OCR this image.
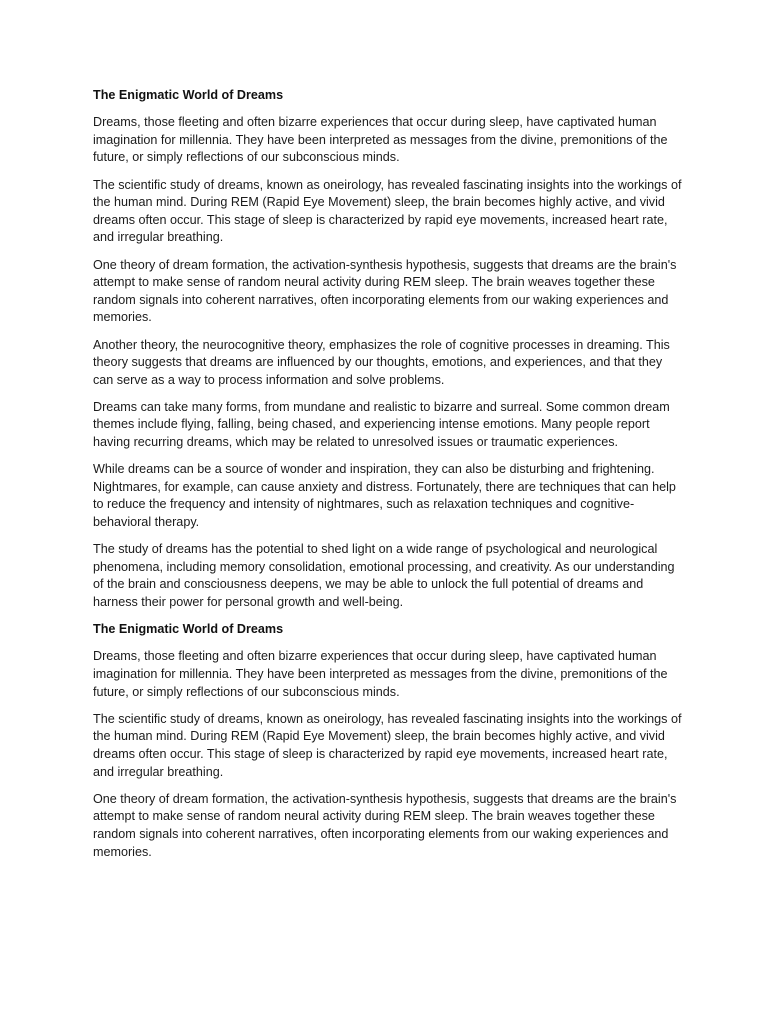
The Enigmatic World of Dreams

Dreams, those fleeting and often bizarre experiences that occur during sleep, have captivated human imagination for millennia. They have been interpreted as messages from the divine, premonitions of the future, or simply reflections of our subconscious minds.

The scientific study of dreams, known as oneirology, has revealed fascinating insights into the workings of the human mind. During REM (Rapid Eye Movement) sleep, the brain becomes highly active, and vivid dreams often occur. This stage of sleep is characterized by rapid eye movements, increased heart rate, and irregular breathing.

One theory of dream formation, the activation-synthesis hypothesis, suggests that dreams are the brain's attempt to make sense of random neural activity during REM sleep. The brain weaves together these random signals into coherent narratives, often incorporating elements from our waking experiences and memories.

Another theory, the neurocognitive theory, emphasizes the role of cognitive processes in dreaming. This theory suggests that dreams are influenced by our thoughts, emotions, and experiences, and that they can serve as a way to process information and solve problems.

Dreams can take many forms, from mundane and realistic to bizarre and surreal. Some common dream themes include flying, falling, being chased, and experiencing intense emotions. Many people report having recurring dreams, which may be related to unresolved issues or traumatic experiences.

While dreams can be a source of wonder and inspiration, they can also be disturbing and frightening. Nightmares, for example, can cause anxiety and distress. Fortunately, there are techniques that can help to reduce the frequency and intensity of nightmares, such as relaxation techniques and cognitive-behavioral therapy.

The study of dreams has the potential to shed light on a wide range of psychological and neurological phenomena, including memory consolidation, emotional processing, and creativity. As our understanding of the brain and consciousness deepens, we may be able to unlock the full potential of dreams and harness their power for personal growth and well-being.

The Enigmatic World of Dreams

Dreams, those fleeting and often bizarre experiences that occur during sleep, have captivated human imagination for millennia. They have been interpreted as messages from the divine, premonitions of the future, or simply reflections of our subconscious minds.

The scientific study of dreams, known as oneirology, has revealed fascinating insights into the workings of the human mind. During REM (Rapid Eye Movement) sleep, the brain becomes highly active, and vivid dreams often occur. This stage of sleep is characterized by rapid eye movements, increased heart rate, and irregular breathing.

One theory of dream formation, the activation-synthesis hypothesis, suggests that dreams are the brain's attempt to make sense of random neural activity during REM sleep. The brain weaves together these random signals into coherent narratives, often incorporating elements from our waking experiences and memories.
